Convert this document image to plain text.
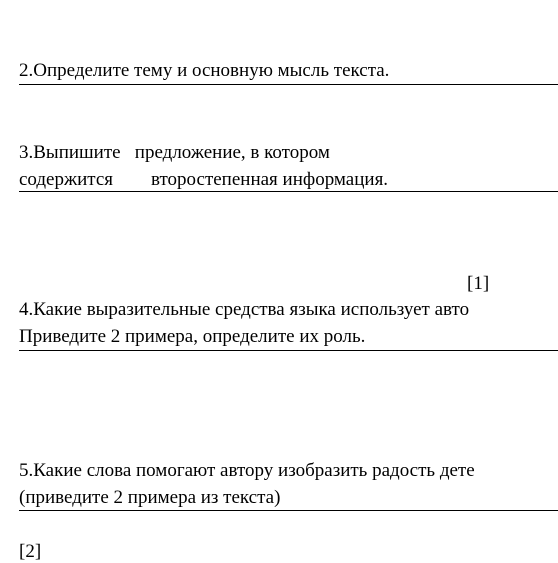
2.Определите тему и основную мысль текста.
3.Выпишите   предложение, в котором
содержится        второстепенная информация.
[1]
4.Какие выразительные средства языка использует авто
Приведите 2 примера, определите их роль.
5.Какие слова помогают автору изобразить радость дете
(приведите 2 примера из текста)
[2]
